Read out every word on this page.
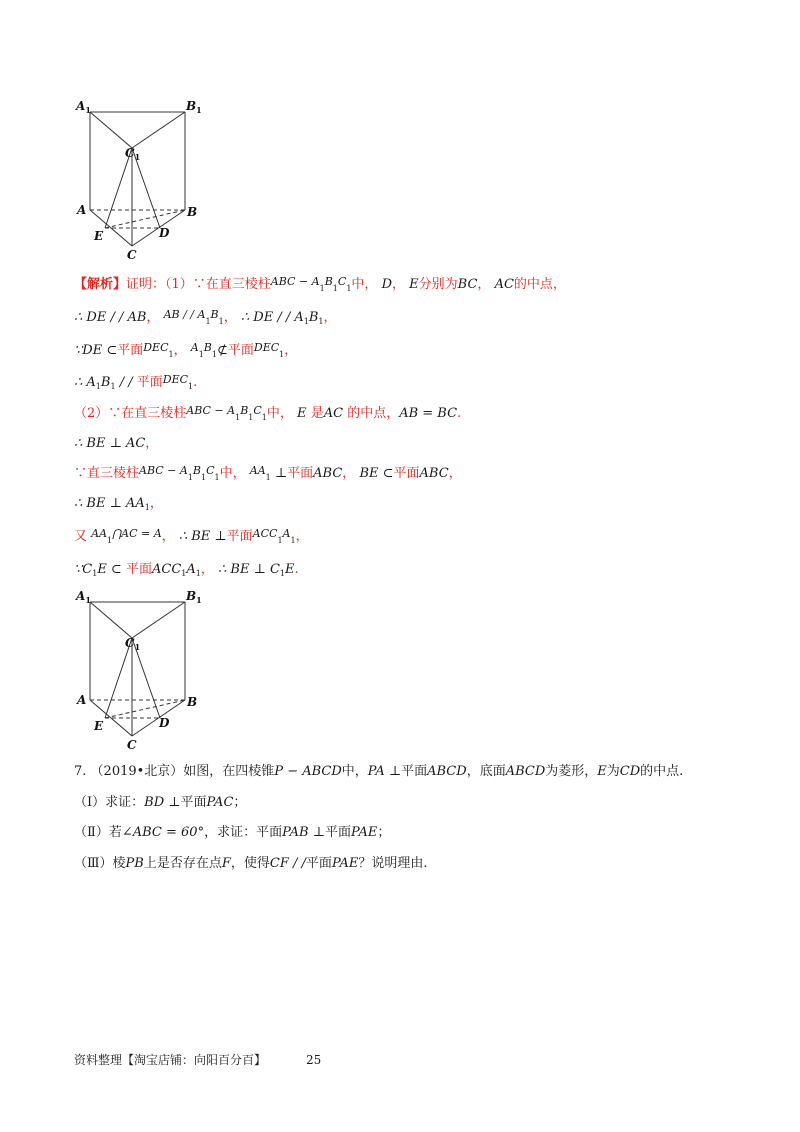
$A_1$	$B_1$
$C_1$
A	B
E	D
C
【解析】证明：（1）∵在直三棱柱$^{ABC - A}_1^B_1^C_1$中， D， E分别为BC， AC的中点，
∴ DE / / AB， $^{AB / / A}_1^B_1$， ∴ DE / / $A_1B_1$，
∵DE ⊂平面$^{DEC}_1$， $^A_1^B_1$⊄平面$^{DEC}_1$，
∴ $A_1B_1$ / / 平面$^{DEC}_1$.
（2）∵在直三棱柱$^{ABC - A}_1^B_1^C_1$中， E 是AC 的中点，AB = BC.
∴ BE ⊥ AC，
∵直三棱柱$^{ABC - A}_1^B_1^C_1$中， $^{AA}_1$ ⊥平面ABC， BE ⊂平面ABC，
∴ BE ⊥ $AA_1$，
又 $^{AA}_1^{⋂AC = A}$， ∴ BE ⊥平面$^{ACC}_1^A_1$，
$\because C_1E$ ⊂ 平面$ACC_1A_1$， ∴ BE ⊥ $C_1E$.
$A_1$	$B_1$
$C_1$
A	B
E	D
C
7. （2019•北京）如图，在四棱锥P − ABCD中，PA ⊥平面ABCD，底面ABCD为菱形，E为CD的中点.
（Ⅰ）求证：BD ⊥平面PAC；
（Ⅱ）若∠ABC = 60°，求证：平面PAB ⊥平面PAE；
（Ⅲ）棱PB上是否存在点F，使得CF / /平面PAE？说明理由.
资料整理【淘宝店铺：向阳百分百】	25
